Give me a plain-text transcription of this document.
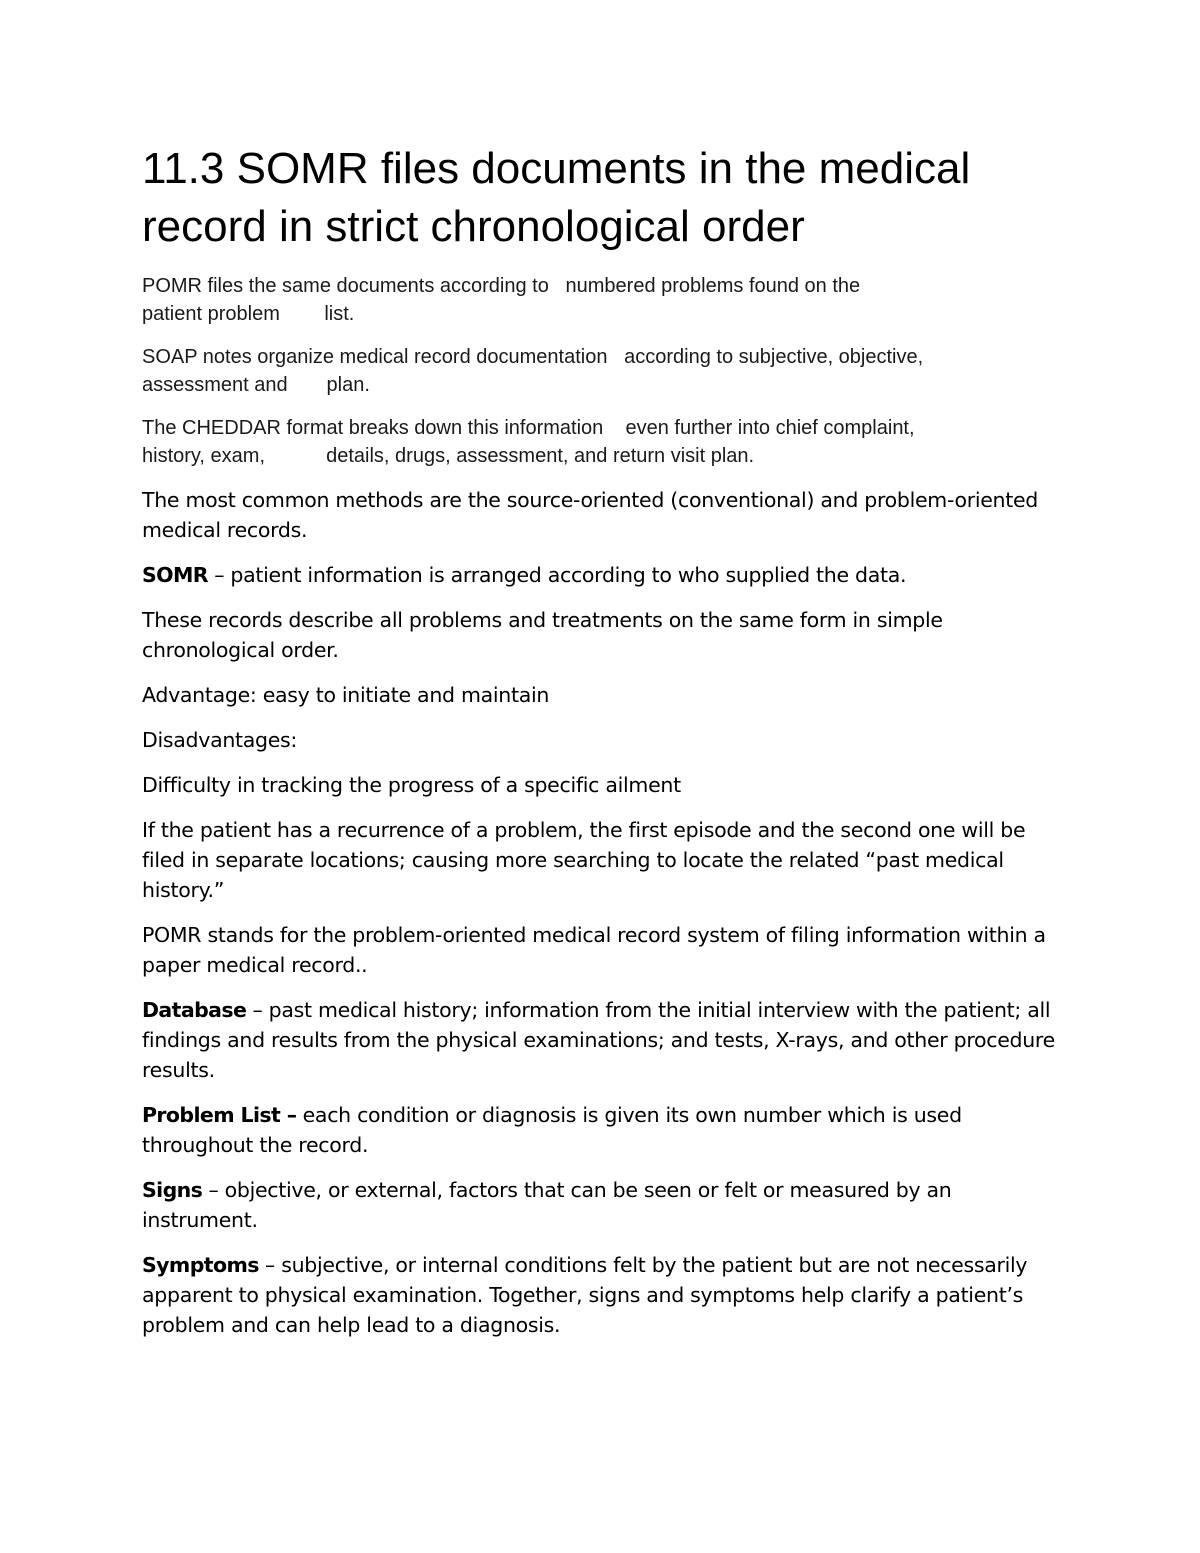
11.3 SOMR files documents in the medical record in strict chronological order

POMR files the same documents according to   numbered problems found on the
patient problem        list.

SOAP notes organize medical record documentation   according to subjective, objective,
assessment and       plan.

The CHEDDAR format breaks down this information    even further into chief complaint,
history, exam,           details, drugs, assessment, and return visit plan.

The most common methods are the source-oriented (conventional) and problem-oriented medical records.

SOMR – patient information is arranged according to who supplied the data.

These records describe all problems and treatments on the same form in simple chronological order.

Advantage: easy to initiate and maintain

Disadvantages:

Difficulty in tracking the progress of a specific ailment

If the patient has a recurrence of a problem, the first episode and the second one will be filed in separate locations; causing more searching to locate the related “past medical history.”

POMR stands for the problem-oriented medical record system of filing information within a paper medical record..

Database – past medical history; information from the initial interview with the patient; all findings and results from the physical examinations; and tests, X-rays, and other procedure results.

Problem List – each condition or diagnosis is given its own number which is used throughout the record.

Signs – objective, or external, factors that can be seen or felt or measured by an instrument.

Symptoms – subjective, or internal conditions felt by the patient but are not necessarily apparent to physical examination. Together, signs and symptoms help clarify a patient’s problem and can help lead to a diagnosis.
